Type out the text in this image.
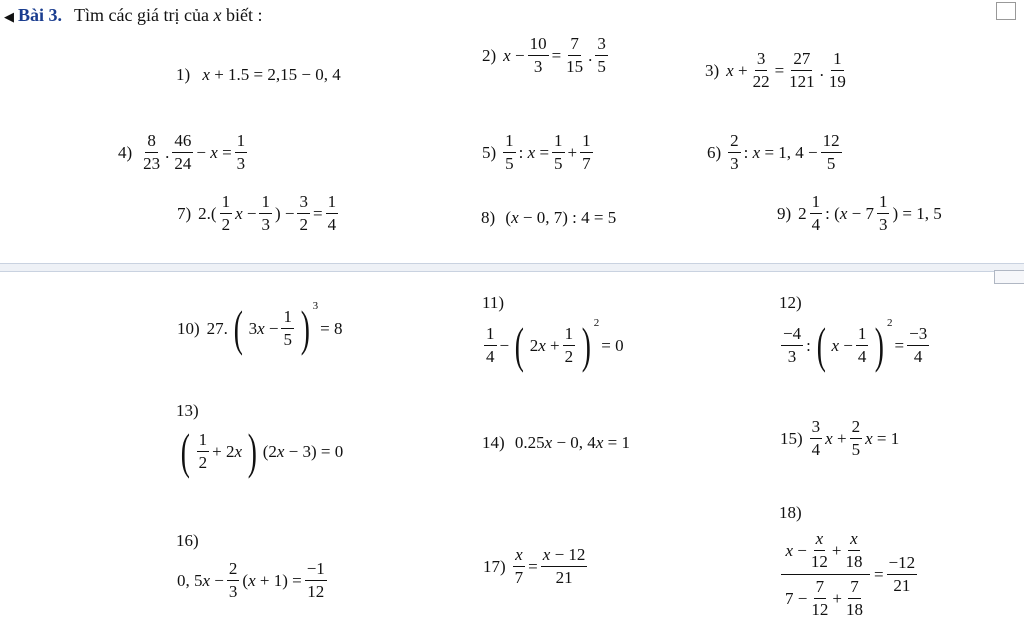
◀ Bài 3. Tìm các giá trị của x biết :
1) x + 1.5 = 2,15 − 0, 4
2) $x - \frac{10}{3} = \frac{7}{15}$ . $\frac{3}{5}$	3) $x + \frac{3}{22} = \frac{27}{121}$ . $\frac{1}{19}$
$4) \frac{8}{23}$ . $\frac{46}{24} - x = \frac{1}{3}$	$5) \frac{1}{5}$ : $x = \frac{1}{5} + \frac{1}{7}$	$6) \frac{2}{3}$ : x = 1, $4 - \frac{12}{5}$
7) $2.( \frac{1}{2}$ $x - \frac{1}{3}$ ) − $\frac{3}{2} = \frac{1}{4}$	8) (x − 0, 7) : 4 = 5	9) $2 \frac{1}{4}$ : ($x - 7 \frac{1}{3}$ ) = 1, 5
10) 27. ( $3x - \frac{1}{5}$ ) 3
= 8
11)
$\frac{1}{4}$ − ( $2x + \frac{1}{2}$ ) 2
= 0
12)
$\frac{-4}{3}$ : ( $x - \frac{1}{4}$ ) 2
= $\frac{-3}{4}$
13)
( $\frac{1}{2} + 2x$ ) (2x − 3) = 0	14) 0.25x − 0, 4x = 1	$15) \frac{3}{4}$ $x + \frac{2}{5}$ x = 1
16)
0, $5x - \frac{2}{3} (x + 1) = \frac{-1}{12}$	$17) \frac{x}{7} = \frac{x - 12}{21}$
18)
$\frac{x - \frac{x}{12} + \frac{x}{18}}{7 - \frac{7}{12} + \frac{7}{18}} = \frac{-12}{21}$
